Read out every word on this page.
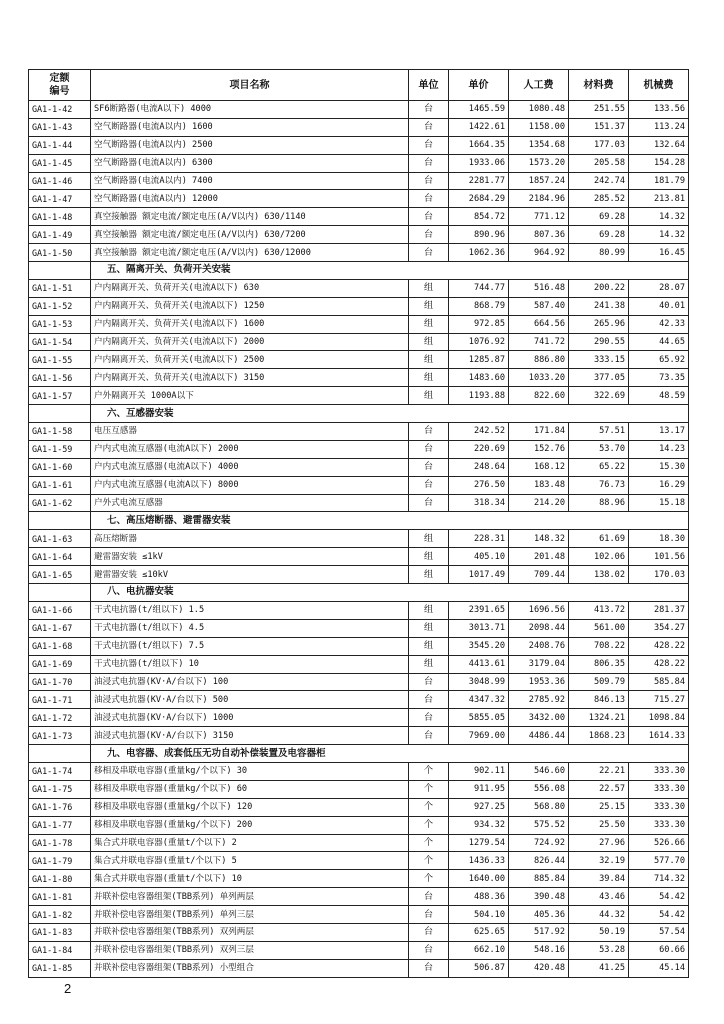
定额
编号	项目名称	单位	单价	人工费	材料费	机械费
GA1-1-42	SF6断路器(电流A以下) 4000	台	1465.59	1080.48	251.55	133.56
GA1-1-43	空气断路器(电流A以内) 1600	台	1422.61	1158.00	151.37	113.24
GA1-1-44	空气断路器(电流A以内) 2500	台	1664.35	1354.68	177.03	132.64
GA1-1-45	空气断路器(电流A以内) 6300	台	1933.06	1573.20	205.58	154.28
GA1-1-46	空气断路器(电流A以内) 7400	台	2281.77	1857.24	242.74	181.79
GA1-1-47	空气断路器(电流A以内) 12000	台	2684.29	2184.96	285.52	213.81
GA1-1-48	真空接触器 额定电流/额定电压(A/V以内) 630/1140	台	854.72	771.12	69.28	14.32
GA1-1-49	真空接触器 额定电流/额定电压(A/V以内) 630/7200	台	890.96	807.36	69.28	14.32
GA1-1-50	真空接触器 额定电流/额定电压(A/V以内) 630/12000	台	1062.36	964.92	80.99	16.45
	五、隔离开关、负荷开关安装					
GA1-1-51	户内隔离开关、负荷开关(电流A以下) 630	组	744.77	516.48	200.22	28.07
GA1-1-52	户内隔离开关、负荷开关(电流A以下) 1250	组	868.79	587.40	241.38	40.01
GA1-1-53	户内隔离开关、负荷开关(电流A以下) 1600	组	972.85	664.56	265.96	42.33
GA1-1-54	户内隔离开关、负荷开关(电流A以下) 2000	组	1076.92	741.72	290.55	44.65
GA1-1-55	户内隔离开关、负荷开关(电流A以下) 2500	组	1285.87	886.80	333.15	65.92
GA1-1-56	户内隔离开关、负荷开关(电流A以下) 3150	组	1483.60	1033.20	377.05	73.35
GA1-1-57	户外隔离开关 1000A以下	组	1193.88	822.60	322.69	48.59
	六、互感器安装					
GA1-1-58	电压互感器	台	242.52	171.84	57.51	13.17
GA1-1-59	户内式电流互感器(电流A以下) 2000	台	220.69	152.76	53.70	14.23
GA1-1-60	户内式电流互感器(电流A以下) 4000	台	248.64	168.12	65.22	15.30
GA1-1-61	户内式电流互感器(电流A以下) 8000	台	276.50	183.48	76.73	16.29
GA1-1-62	户外式电流互感器	台	318.34	214.20	88.96	15.18
	七、高压熔断器、避雷器安装					
GA1-1-63	高压熔断器	组	228.31	148.32	61.69	18.30
GA1-1-64	避雷器安装 ≤1kV	组	405.10	201.48	102.06	101.56
GA1-1-65	避雷器安装 ≤10kV	组	1017.49	709.44	138.02	170.03
	八、电抗器安装					
GA1-1-66	干式电抗器(t/组以下) 1.5	组	2391.65	1696.56	413.72	281.37
GA1-1-67	干式电抗器(t/组以下) 4.5	组	3013.71	2098.44	561.00	354.27
GA1-1-68	干式电抗器(t/组以下) 7.5	组	3545.20	2408.76	708.22	428.22
GA1-1-69	干式电抗器(t/组以下) 10	组	4413.61	3179.04	806.35	428.22
GA1-1-70	油浸式电抗器(KV·A/台以下) 100	台	3048.99	1953.36	509.79	585.84
GA1-1-71	油浸式电抗器(KV·A/台以下) 500	台	4347.32	2785.92	846.13	715.27
GA1-1-72	油浸式电抗器(KV·A/台以下) 1000	台	5855.05	3432.00	1324.21	1098.84
GA1-1-73	油浸式电抗器(KV·A/台以下) 3150	台	7969.00	4486.44	1868.23	1614.33
	九、电容器、成套低压无功自动补偿装置及电容器柜					
GA1-1-74	移相及串联电容器(重量kg/个以下) 30	个	902.11	546.60	22.21	333.30
GA1-1-75	移相及串联电容器(重量kg/个以下) 60	个	911.95	556.08	22.57	333.30
GA1-1-76	移相及串联电容器(重量kg/个以下) 120	个	927.25	568.80	25.15	333.30
GA1-1-77	移相及串联电容器(重量kg/个以下) 200	个	934.32	575.52	25.50	333.30
GA1-1-78	集合式并联电容器(重量t/个以下) 2	个	1279.54	724.92	27.96	526.66
GA1-1-79	集合式并联电容器(重量t/个以下) 5	个	1436.33	826.44	32.19	577.70
GA1-1-80	集合式并联电容器(重量t/个以下) 10	个	1640.00	885.84	39.84	714.32
GA1-1-81	并联补偿电容器组架(TBB系列) 单列两层	台	488.36	390.48	43.46	54.42
GA1-1-82	并联补偿电容器组架(TBB系列) 单列三层	台	504.10	405.36	44.32	54.42
GA1-1-83	并联补偿电容器组架(TBB系列) 双列两层	台	625.65	517.92	50.19	57.54
GA1-1-84	并联补偿电容器组架(TBB系列) 双列三层	台	662.10	548.16	53.28	60.66
GA1-1-85	并联补偿电容器组架(TBB系列) 小型组合	台	506.87	420.48	41.25	45.14
2
